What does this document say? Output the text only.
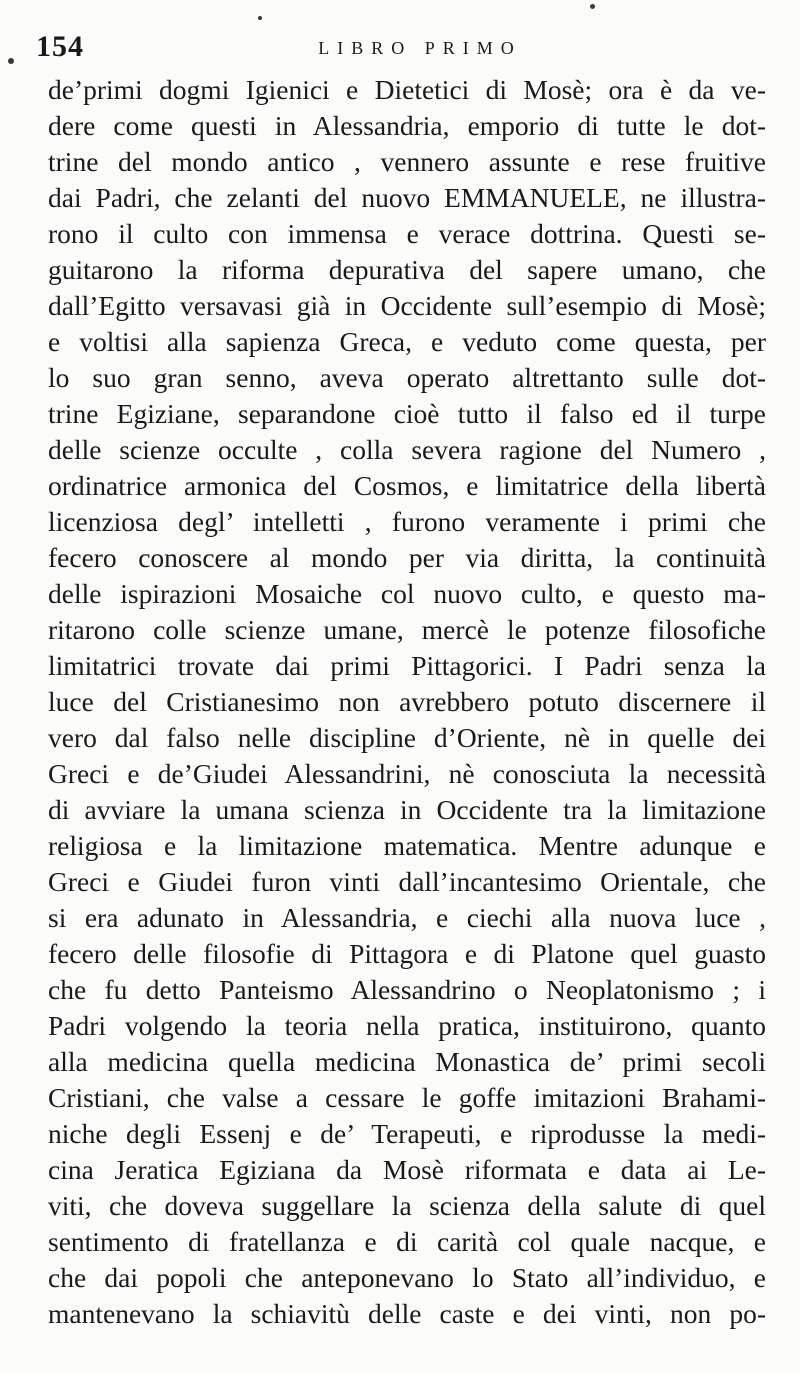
154	LIBRO PRIMO
de’primi dogmi Igienici e Dietetici di Mosè; ora è da ve-
dere come questi in Alessandria, emporio di tutte le dot-
trine del mondo antico , vennero assunte e rese fruitive
dai Padri, che zelanti del nuovo EMMANUELE, ne illustra-
rono il culto con immensa e verace dottrina. Questi se-
guitarono la riforma depurativa del sapere umano, che
dall’Egitto versavasi già in Occidente sull’esempio di Mosè;
e voltisi alla sapienza Greca, e veduto come questa, per
lo suo gran senno, aveva operato altrettanto sulle dot-
trine Egiziane, separandone cioè tutto il falso ed il turpe
delle scienze occulte , colla severa ragione del Numero ,
ordinatrice armonica del Cosmos, e limitatrice della libertà
licenziosa degl’ intelletti , furono veramente i primi che
fecero conoscere al mondo per via diritta, la continuità
delle ispirazioni Mosaiche col nuovo culto, e questo ma-
ritarono colle scienze umane, mercè le potenze filosofiche
limitatrici trovate dai primi Pittagorici. I Padri senza la
luce del Cristianesimo non avrebbero potuto discernere il
vero dal falso nelle discipline d’Oriente, nè in quelle dei
Greci e de’Giudei Alessandrini, nè conosciuta la necessità
di avviare la umana scienza in Occidente tra la limitazione
religiosa e la limitazione matematica. Mentre adunque e
Greci e Giudei furon vinti dall’incantesimo Orientale, che
si era adunato in Alessandria, e ciechi alla nuova luce ,
fecero delle filosofie di Pittagora e di Platone quel guasto
che fu detto Panteismo Alessandrino o Neoplatonismo ; i
Padri volgendo la teoria nella pratica, instituirono, quanto
alla medicina quella medicina Monastica de’ primi secoli
Cristiani, che valse a cessare le goffe imitazioni Brahami-
niche degli Essenj e de’ Terapeuti, e riprodusse la medi-
cina Jeratica Egiziana da Mosè riformata e data ai Le-
viti, che doveva suggellare la scienza della salute di quel
sentimento di fratellanza e di carità col quale nacque, e
che dai popoli che anteponevano lo Stato all’individuo, e
mantenevano la schiavitù delle caste e dei vinti, non po-
